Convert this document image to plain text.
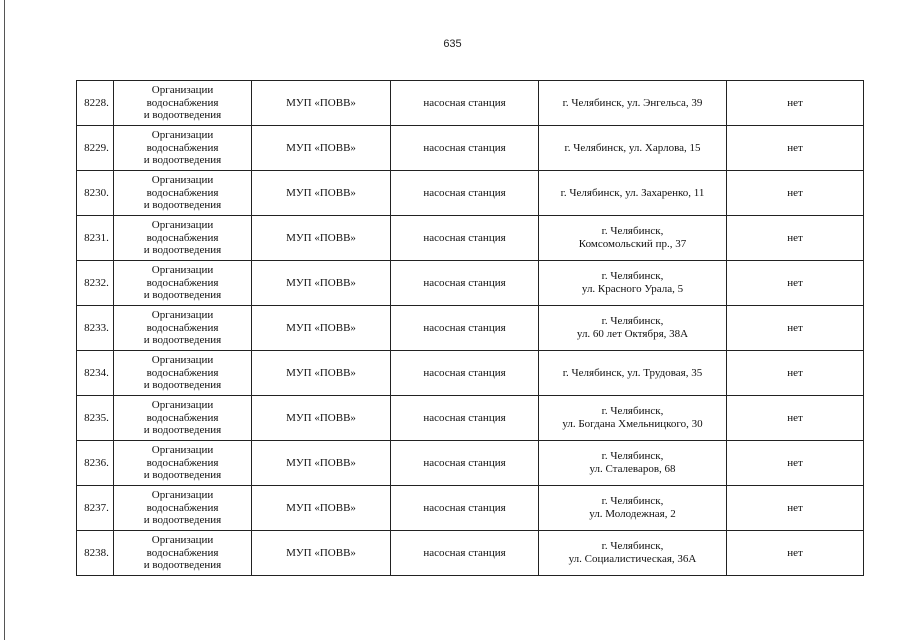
635
8228.	Организации
водоснабжения
и водоотведения	МУП «ПОВВ»	насосная станция	г. Челябинск, ул. Энгельса, 39	нет

8229.	Организации
водоснабжения
и водоотведения	МУП «ПОВВ»	насосная станция	г. Челябинск, ул. Харлова, 15	нет

8230.	Организации
водоснабжения
и водоотведения	МУП «ПОВВ»	насосная станция	г. Челябинск, ул. Захаренко, 11	нет

8231.	Организации
водоснабжения
и водоотведения	МУП «ПОВВ»	насосная станция	г. Челябинск,
Комсомольский пр., 37	нет

8232.	Организации
водоснабжения
и водоотведения	МУП «ПОВВ»	насосная станция	г. Челябинск,
ул. Красного Урала, 5	нет

8233.	Организации
водоснабжения
и водоотведения	МУП «ПОВВ»	насосная станция	г. Челябинск,
ул. 60 лет Октября, 38А	нет

8234.	Организации
водоснабжения
и водоотведения	МУП «ПОВВ»	насосная станция	г. Челябинск, ул. Трудовая, 35	нет

8235.	Организации
водоснабжения
и водоотведения	МУП «ПОВВ»	насосная станция	г. Челябинск,
ул. Богдана Хмельницкого, 30	нет

8236.	Организации
водоснабжения
и водоотведения	МУП «ПОВВ»	насосная станция	г. Челябинск,
ул. Сталеваров, 68	нет

8237.	Организации
водоснабжения
и водоотведения	МУП «ПОВВ»	насосная станция	г. Челябинск,
ул. Молодежная, 2	нет

8238.	Организации
водоснабжения
и водоотведения	МУП «ПОВВ»	насосная станция	г. Челябинск,
ул. Социалистическая, 36А	нет
